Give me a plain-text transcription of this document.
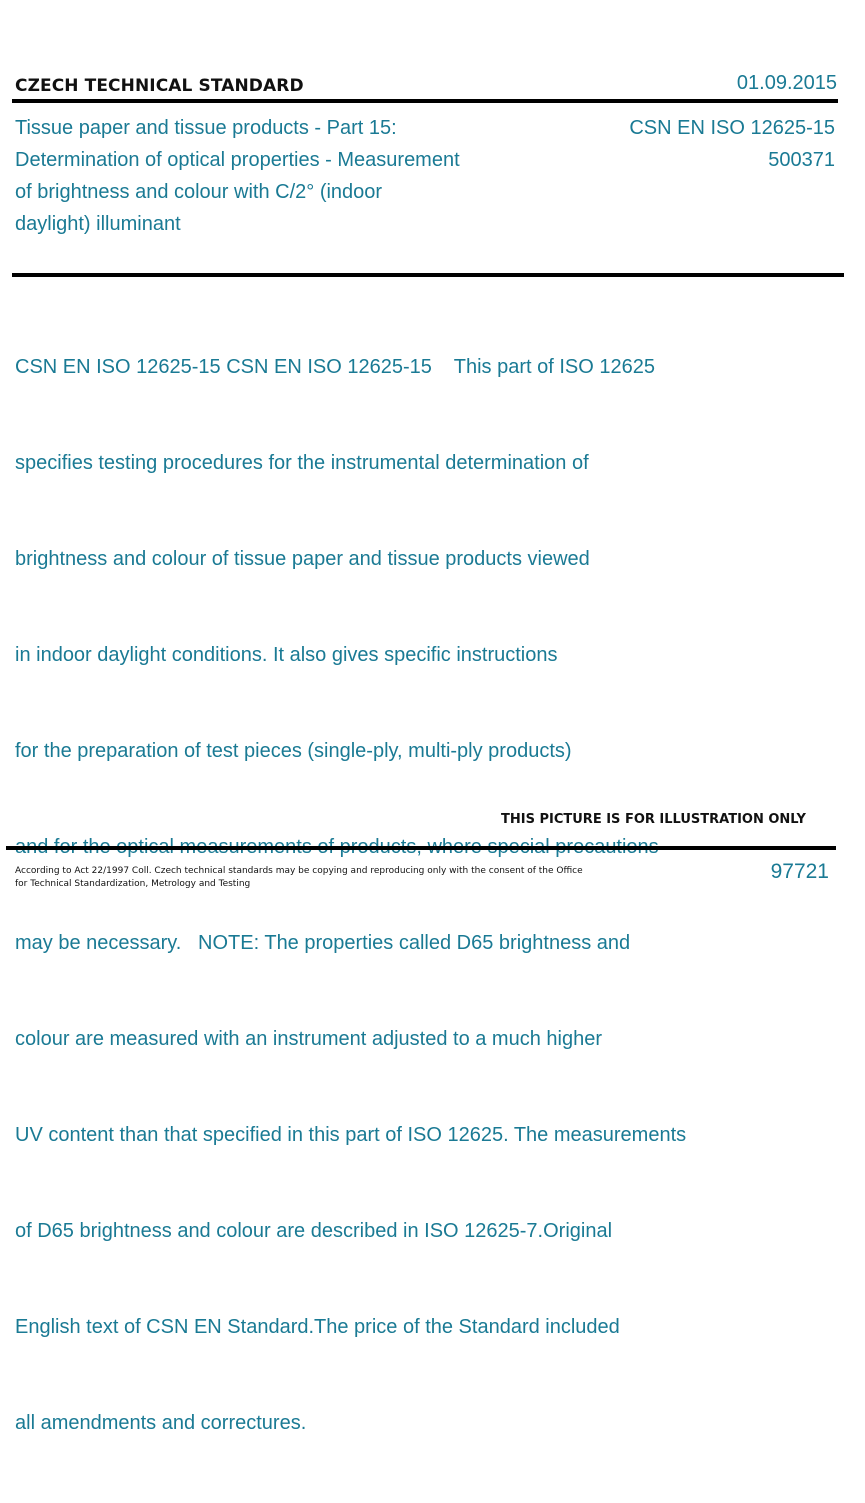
CZECH TECHNICAL STANDARD	01.09.2015
Tissue paper and tissue products - Part 15:
Determination of optical properties - Measurement
of brightness and colour with C/2° (indoor
daylight) illuminant
CSN EN ISO 12625-15
500371

CSN EN ISO 12625-15 CSN EN ISO 12625-15    This part of ISO 12625

specifies testing procedures for the instrumental determination of

brightness and colour of tissue paper and tissue products viewed

in indoor daylight conditions. It also gives specific instructions

for the preparation of test pieces (single-ply, multi-ply products)

may be necessary.   NOTE: The properties called D65 brightness and

colour are measured with an instrument adjusted to a much higher

UV content than that specified in this part of ISO 12625. The measurements

of D65 brightness and colour are described in ISO 12625-7.Original

English text of CSN EN Standard.The price of the Standard included

all amendments and correctures.

THIS PICTURE IS FOR ILLUSTRATION ONLY
According to Act 22/1997 Coll. Czech technical standards may be copying and reproducing only with the consent of the Office
for Technical Standardization, Metrology and Testing
97721
